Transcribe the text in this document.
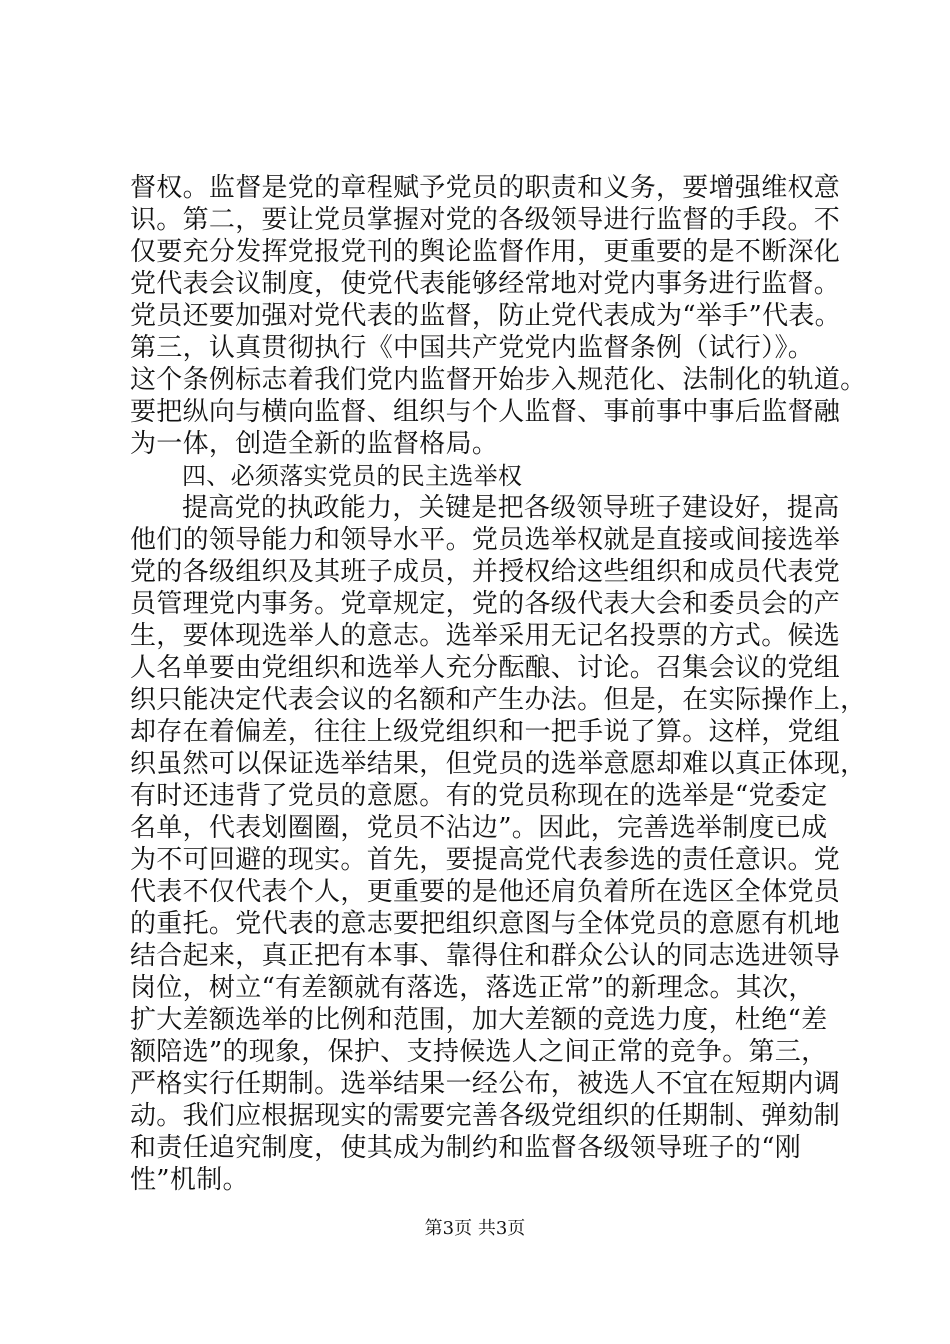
督权。监督是党的章程赋予党员的职责和义务，要增强维权意
识。第二，要让党员掌握对党的各级领导进行监督的手段。不
仅要充分发挥党报党刊的舆论监督作用，更重要的是不断深化
党代表会议制度，使党代表能够经常地对党内事务进行监督。
党员还要加强对党代表的监督，防止党代表成为“举手”代表。
第三，认真贯彻执行《中国共产党党内监督条例（试行）》。
这个条例标志着我们党内监督开始步入规范化、法制化的轨道。
要把纵向与横向监督、组织与个人监督、事前事中事后监督融
为一体，创造全新的监督格局。
四、必须落实党员的民主选举权
提高党的执政能力，关键是把各级领导班子建设好，提高
他们的领导能力和领导水平。党员选举权就是直接或间接选举
党的各级组织及其班子成员，并授权给这些组织和成员代表党
员管理党内事务。党章规定，党的各级代表大会和委员会的产
生，要体现选举人的意志。选举采用无记名投票的方式。候选
人名单要由党组织和选举人充分酝酿、讨论。召集会议的党组
织只能决定代表会议的名额和产生办法。但是，在实际操作上，
却存在着偏差，往往上级党组织和一把手说了算。这样，党组
织虽然可以保证选举结果，但党员的选举意愿却难以真正体现，
有时还违背了党员的意愿。有的党员称现在的选举是“党委定
名单，代表划圈圈，党员不沾边”。因此，完善选举制度已成
为不可回避的现实。首先，要提高党代表参选的责任意识。党
代表不仅代表个人，更重要的是他还肩负着所在选区全体党员
的重托。党代表的意志要把组织意图与全体党员的意愿有机地
结合起来，真正把有本事、靠得住和群众公认的同志选进领导
岗位，树立“有差额就有落选，落选正常”的新理念。其次，
扩大差额选举的比例和范围，加大差额的竞选力度，杜绝“差
额陪选”的现象，保护、支持候选人之间正常的竞争。第三，
严格实行任期制。选举结果一经公布，被选人不宜在短期内调
动。我们应根据现实的需要完善各级党组织的任期制、弹劾制
和责任追究制度，使其成为制约和监督各级领导班子的“刚
性”机制。
第3页 共3页
